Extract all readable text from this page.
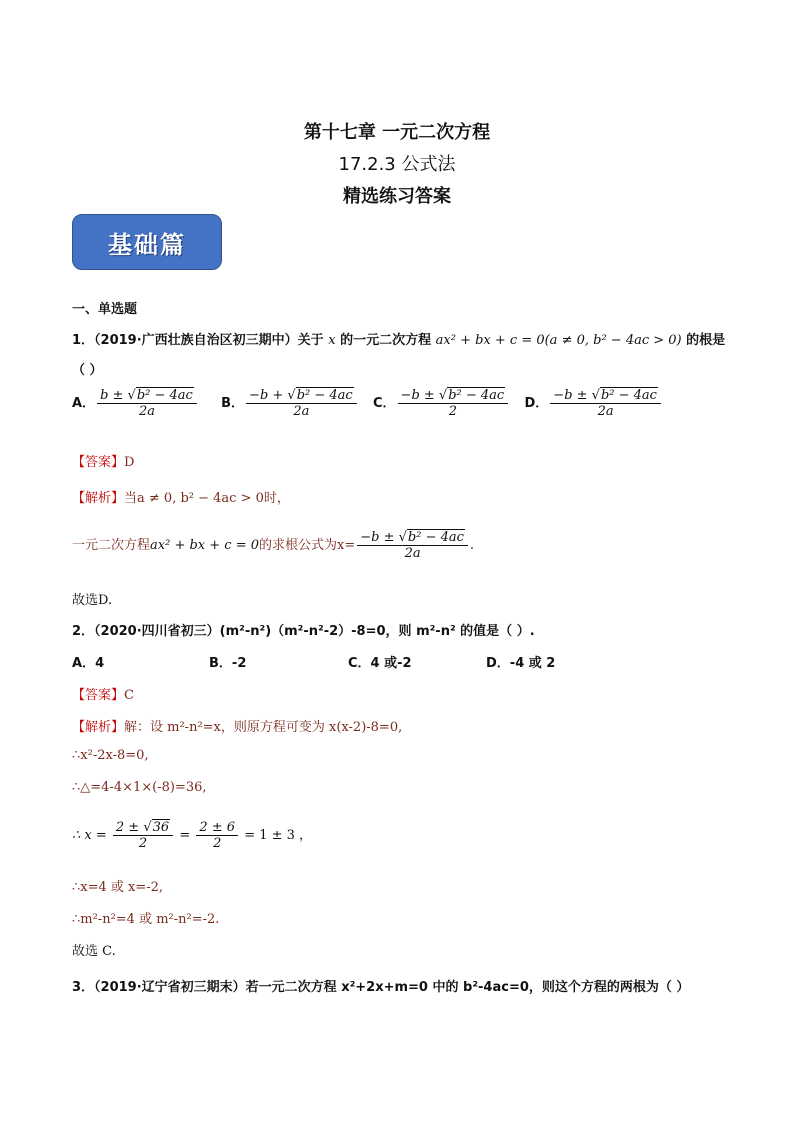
第十七章 一元二次方程
17.2.3 公式法
精选练习答案
基础篇
一、单选题
1．（2019·广西壮族自治区初三期中）关于 x 的一元二次方程 ax² + bx + c = 0(a ≠ 0, b² − 4ac > 0) 的根是
（ ）
A． $\frac{\text{b ± √b² − 4ac}}{2a}$ B． $\frac{\text{−b + √b² − 4ac}}{2a}$ C． $\frac{\text{−b ± √b² − 4ac}}{2}$ D． $\frac{\text{−b ± √b² − 4ac}}{2a}$
【答案】D
【解析】当a ≠ 0, b² − 4ac > 0时，
一元二次方程ax² + bx + c = 0的求根公式为$x= \frac{\text{−b ± √b² − 4ac}}{2a}$ .
故选D.
2．（2020·四川省初三）(m²-n²)（m²-n²-2）-8=0，则 m²-n² 的值是（ ）.
A．4	B．-2	C．4 或-2	D．-4 或 2
【答案】C
【解析】解：设 m²-n²=x，则原方程可变为 x(x-2)-8=0,
∴x²-2x-8=0,
∴△=4-4×1×(-8)=36,
∴ $x = \frac{2 \pm √36}{2} = \frac{2 \pm 6}{2} = 1 \pm 3$ ，
∴x=4 或 x=-2,
∴m²-n²=4 或 m²-n²=-2.
故选 C.
3．（2019·辽宁省初三期末）若一元二次方程 x²+2x+m=0 中的 b²-4ac=0，则这个方程的两根为（ ）
